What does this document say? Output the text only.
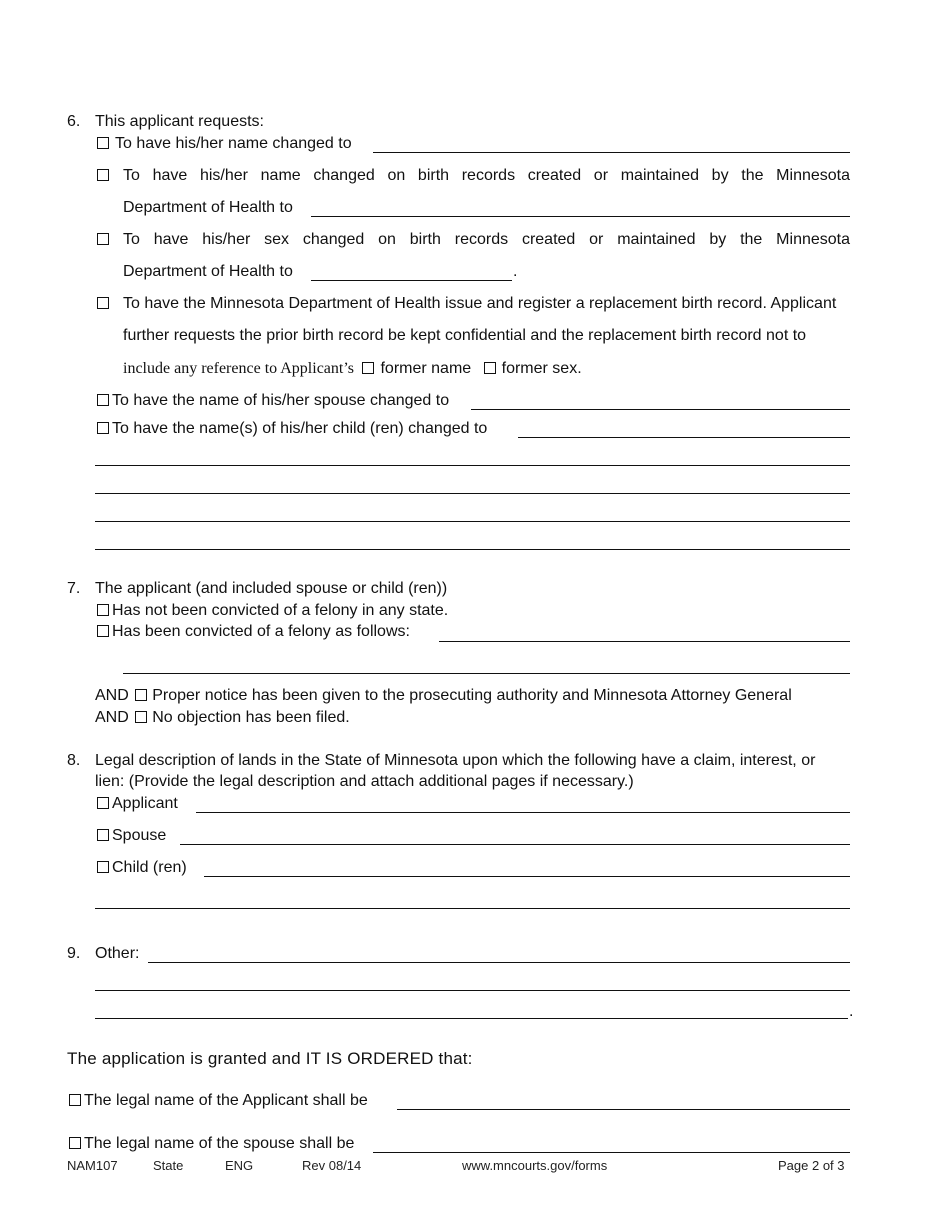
6. This applicant requests:
To have his/her name changed to
To have his/her name changed on birth records created or maintained by the Minnesota
Department of Health to
To have his/her sex changed on birth records created or maintained by the Minnesota
Department of Health to	.
To have the Minnesota Department of Health issue and register a replacement birth record. Applicant
further requests the prior birth record be kept confidential and the replacement birth record not to
include any reference to Applicant’s former name former sex.
To have the name of his/her spouse changed to
To have the name(s) of his/her child (ren) changed to
7. The applicant (and included spouse or child (ren))
Has not been convicted of a felony in any state.
Has been convicted of a felony as follows:
AND Proper notice has been given to the prosecuting authority and Minnesota Attorney General
AND No objection has been filed.
8. Legal description of lands in the State of Minnesota upon which the following have a claim, interest, or
lien: (Provide the legal description and attach additional pages if necessary.)
Applicant
Spouse
Child (ren)
9. Other:
.
The application is granted and IT IS ORDERED that:
The legal name of the Applicant shall be
The legal name of the spouse shall be
NAM107	State	ENG	Rev 08/14	www.mncourts.gov/forms	Page 2 of 3
